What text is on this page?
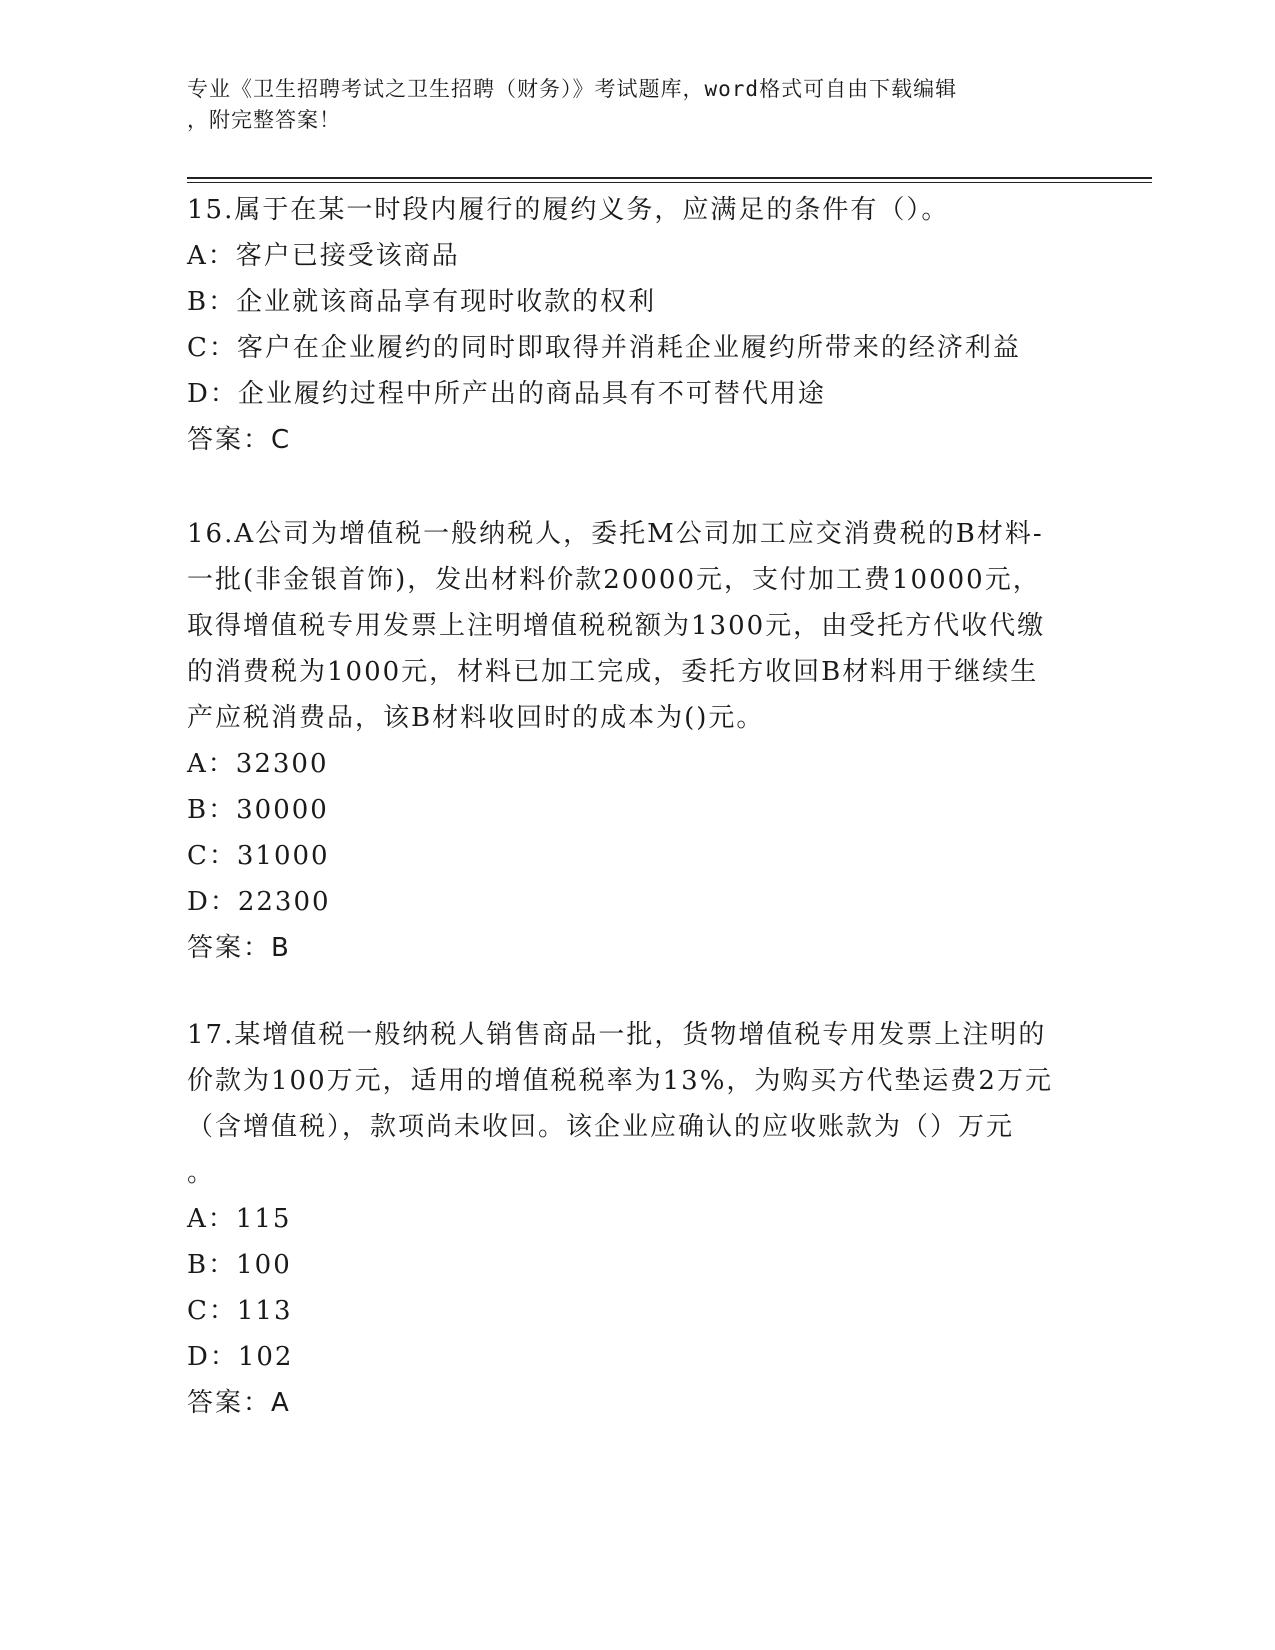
专业《卫生招聘考试之卫生招聘（财务）》考试题库，word格式可自由下载编辑
，附完整答案！
15.属于在某一时段内履行的履约义务，应满足的条件有（）。
A：客户已接受该商品
B：企业就该商品享有现时收款的权利
C：客户在企业履约的同时即取得并消耗企业履约所带来的经济利益
D：企业履约过程中所产出的商品具有不可替代用途
答案：C
16.A公司为增值税一般纳税人，委托M公司加工应交消费税的B材料-
一批(非金银首饰)，发出材料价款20000元，支付加工费10000元，
取得增值税专用发票上注明增值税税额为1300元，由受托方代收代缴
的消费税为1000元，材料已加工完成，委托方收回B材料用于继续生
产应税消费品，该B材料收回时的成本为()元。
A：32300
B：30000
C：31000
D：22300
答案：B
17.某增值税一般纳税人销售商品一批，货物增值税专用发票上注明的
价款为100万元，适用的增值税税率为13%，为购买方代垫运费2万元
（含增值税），款项尚未收回。该企业应确认的应收账款为（）万元
。
A：115
B：100
C：113
D：102
答案：A
